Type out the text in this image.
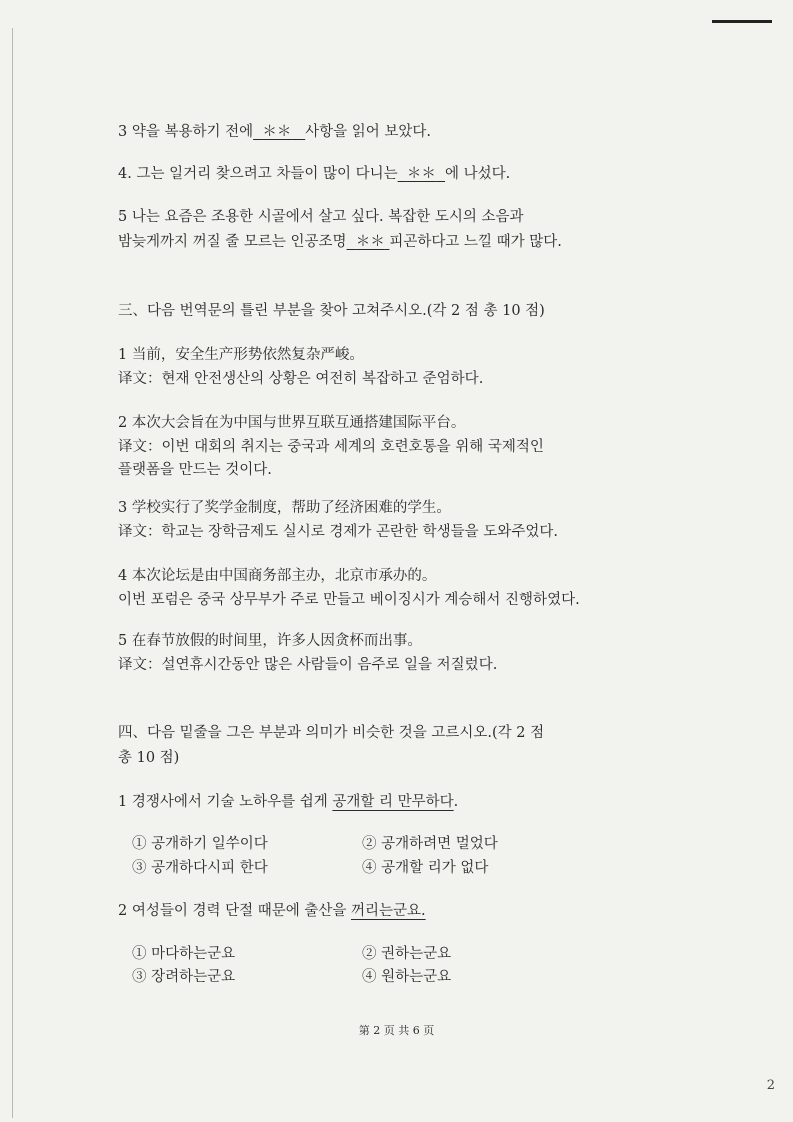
3 약을 복용하기 전에 ＊＊ 사항을 읽어 보았다.
4. 그는 일거리 찾으려고 차들이 많이 다니는 ＊＊ 에 나섰다.
5 나는 요즘은 조용한 시골에서 살고 싶다. 복잡한 도시의 소음과
밤늦게까지 꺼질 줄 모르는 인공조명 ＊＊ 피곤하다고 느낄 때가 많다.
三、다음 번역문의 틀린 부분을 찾아 고쳐주시오.(각 2 점 총 10 점)
1 当前，安全生产形势依然复杂严峻。
译文：현재 안전생산의 상황은 여전히 복잡하고 준엄하다.
2 本次大会旨在为中国与世界互联互通搭建国际平台。
译文：이번 대회의 취지는 중국과 세계의 호련호통을 위해 국제적인
플랫폼을 만드는 것이다.
3 学校实行了奖学金制度，帮助了经济困难的学生。
译文：학교는 장학금제도 실시로 경제가 곤란한 학생들을 도와주었다.
4 本次论坛是由中国商务部主办，北京市承办的。
이번 포럼은 중국 상무부가 주로 만들고 베이징시가 계승해서 진행하였다.
5 在春节放假的时间里，许多人因贪杯而出事。
译文：설연휴시간동안 많은 사람들이 음주로 일을 저질렀다.
四、다음 밑줄을 그은 부분과 의미가 비슷한 것을 고르시오.(각 2 점
총 10 점)
1 경쟁사에서 기술 노하우를 쉽게 공개할 리 만무하다.
① 공개하기 일쑤이다	② 공개하려면 멀었다
③ 공개하다시피 한다	④ 공개할 리가 없다
2 여성들이 경력 단절 때문에 출산을 꺼리는군요.
① 마다하는군요	② 권하는군요
③ 장려하는군요	④ 원하는군요
第 2 页 共 6 页
2
